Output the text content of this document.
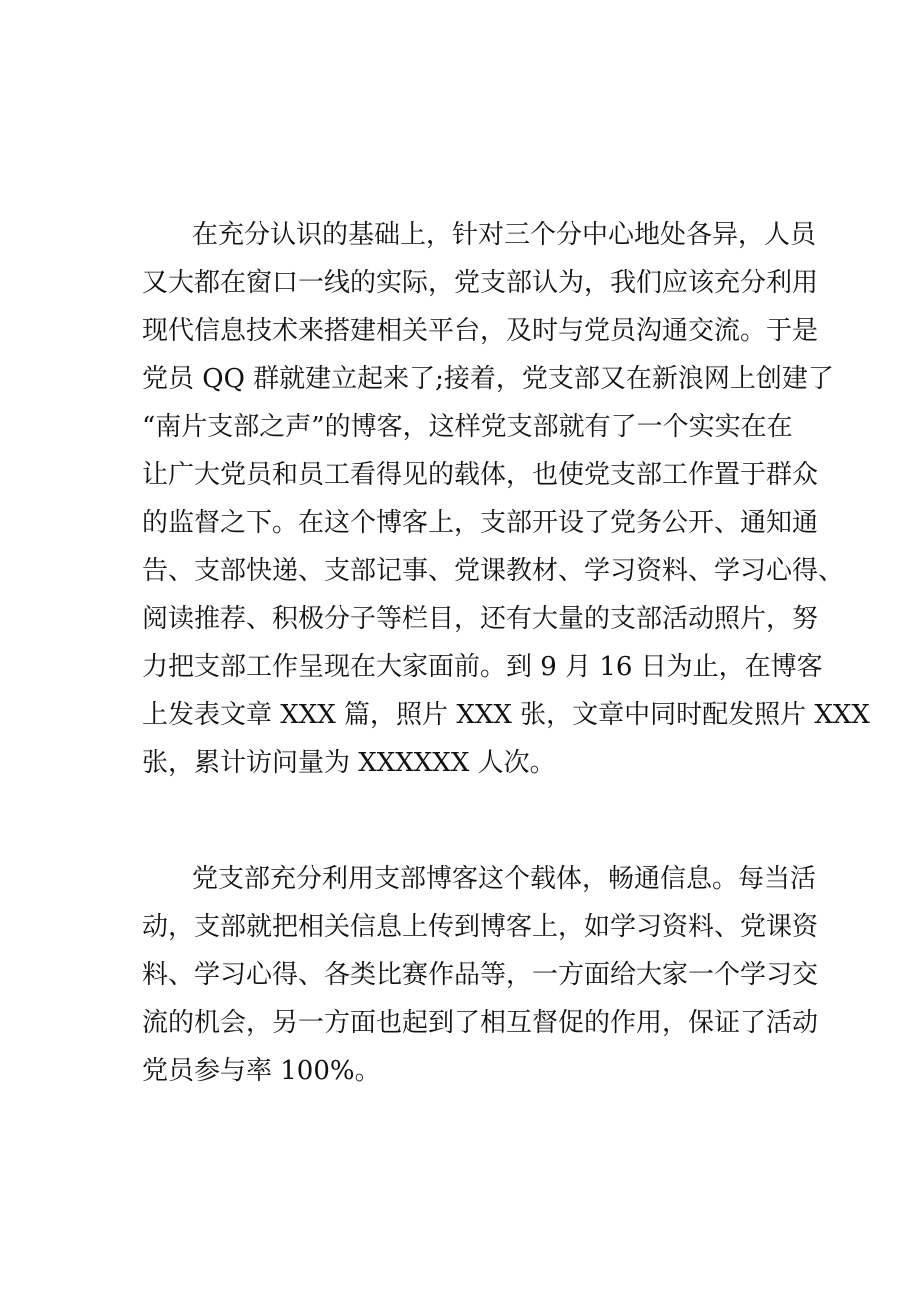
在充分认识的基础上，针对三个分中心地处各异，人员
又大都在窗口一线的实际，党支部认为，我们应该充分利用
现代信息技术来搭建相关平台，及时与党员沟通交流。于是
党员 QQ 群就建立起来了;接着，党支部又在新浪网上创建了
“南片支部之声”的博客，这样党支部就有了一个实实在在
让广大党员和员工看得见的载体，也使党支部工作置于群众
的监督之下。在这个博客上，支部开设了党务公开、通知通
告、支部快递、支部记事、党课教材、学习资料、学习心得、
阅读推荐、积极分子等栏目，还有大量的支部活动照片，努
力把支部工作呈现在大家面前。到 9 月 16 日为止，在博客
上发表文章 XXX 篇，照片 XXX 张，文章中同时配发照片 XXX
张，累计访问量为 XXXXXX 人次。
党支部充分利用支部博客这个载体，畅通信息。每当活
动，支部就把相关信息上传到博客上，如学习资料、党课资
料、学习心得、各类比赛作品等，一方面给大家一个学习交
流的机会，另一方面也起到了相互督促的作用，保证了活动
党员参与率 100%。
